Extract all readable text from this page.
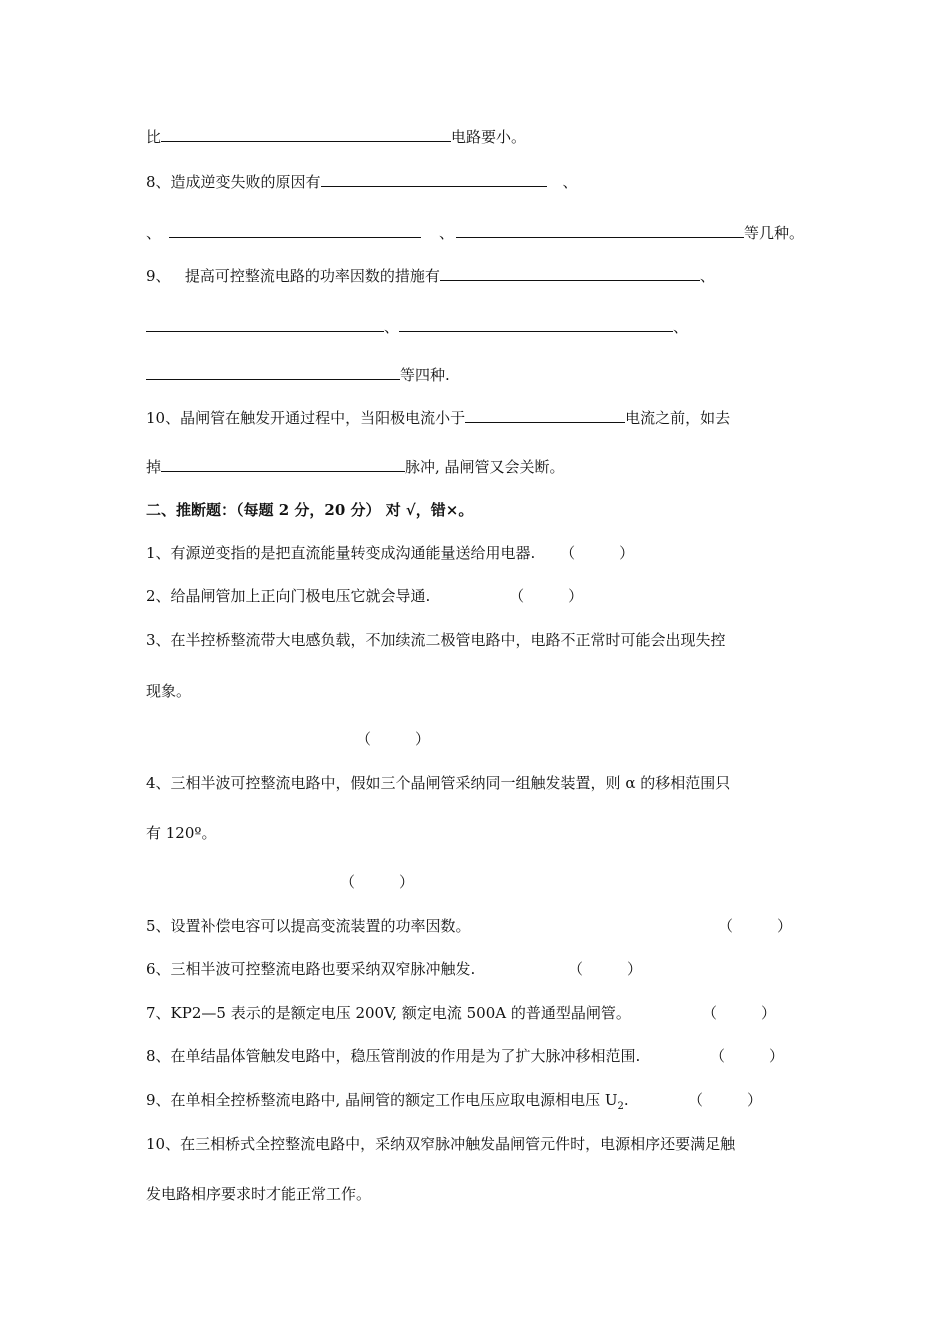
比	电路要小。
8、造成逆变失败的原因有	、
、	、	等几种。
9、   提高可控整流电路的功率因数的措施有	、
、	、
等四种.
10、晶闸管在触发开通过程中，当阳极电流小于	电流之前，如去
掉	脉冲, 晶闸管又会关断。
二、推断题：（每题 2 分，20 分） 对 √，错×。
1、有源逆变指的是把直流能量转变成沟通能量送给用电器. （	）
2、给晶闸管加上正向门极电压它就会导通.	（	）
3、在半控桥整流带大电感负载，不加续流二极管电路中，电路不正常时可能会出现失控
现象。
（	）
4、三相半波可控整流电路中，假如三个晶闸管采纳同一组触发装置，则 α 的移相范围只
有 120º。
（	）
5、设置补偿电容可以提高变流装置的功率因数。	（	）
6、三相半波可控整流电路也要采纳双窄脉冲触发.	（	）
7、KP2—5 表示的是额定电压 200V, 额定电流 500A 的普通型晶闸管。	（	）
8、在单结晶体管触发电路中，稳压管削波的作用是为了扩大脉冲移相范围.	（	）
9、在单相全控桥整流电路中, 晶闸管的额定工作电压应取电源相电压 $U_2$.	（	）
10、在三相桥式全控整流电路中，采纳双窄脉冲触发晶闸管元件时，电源相序还要满足触
发电路相序要求时才能正常工作。
